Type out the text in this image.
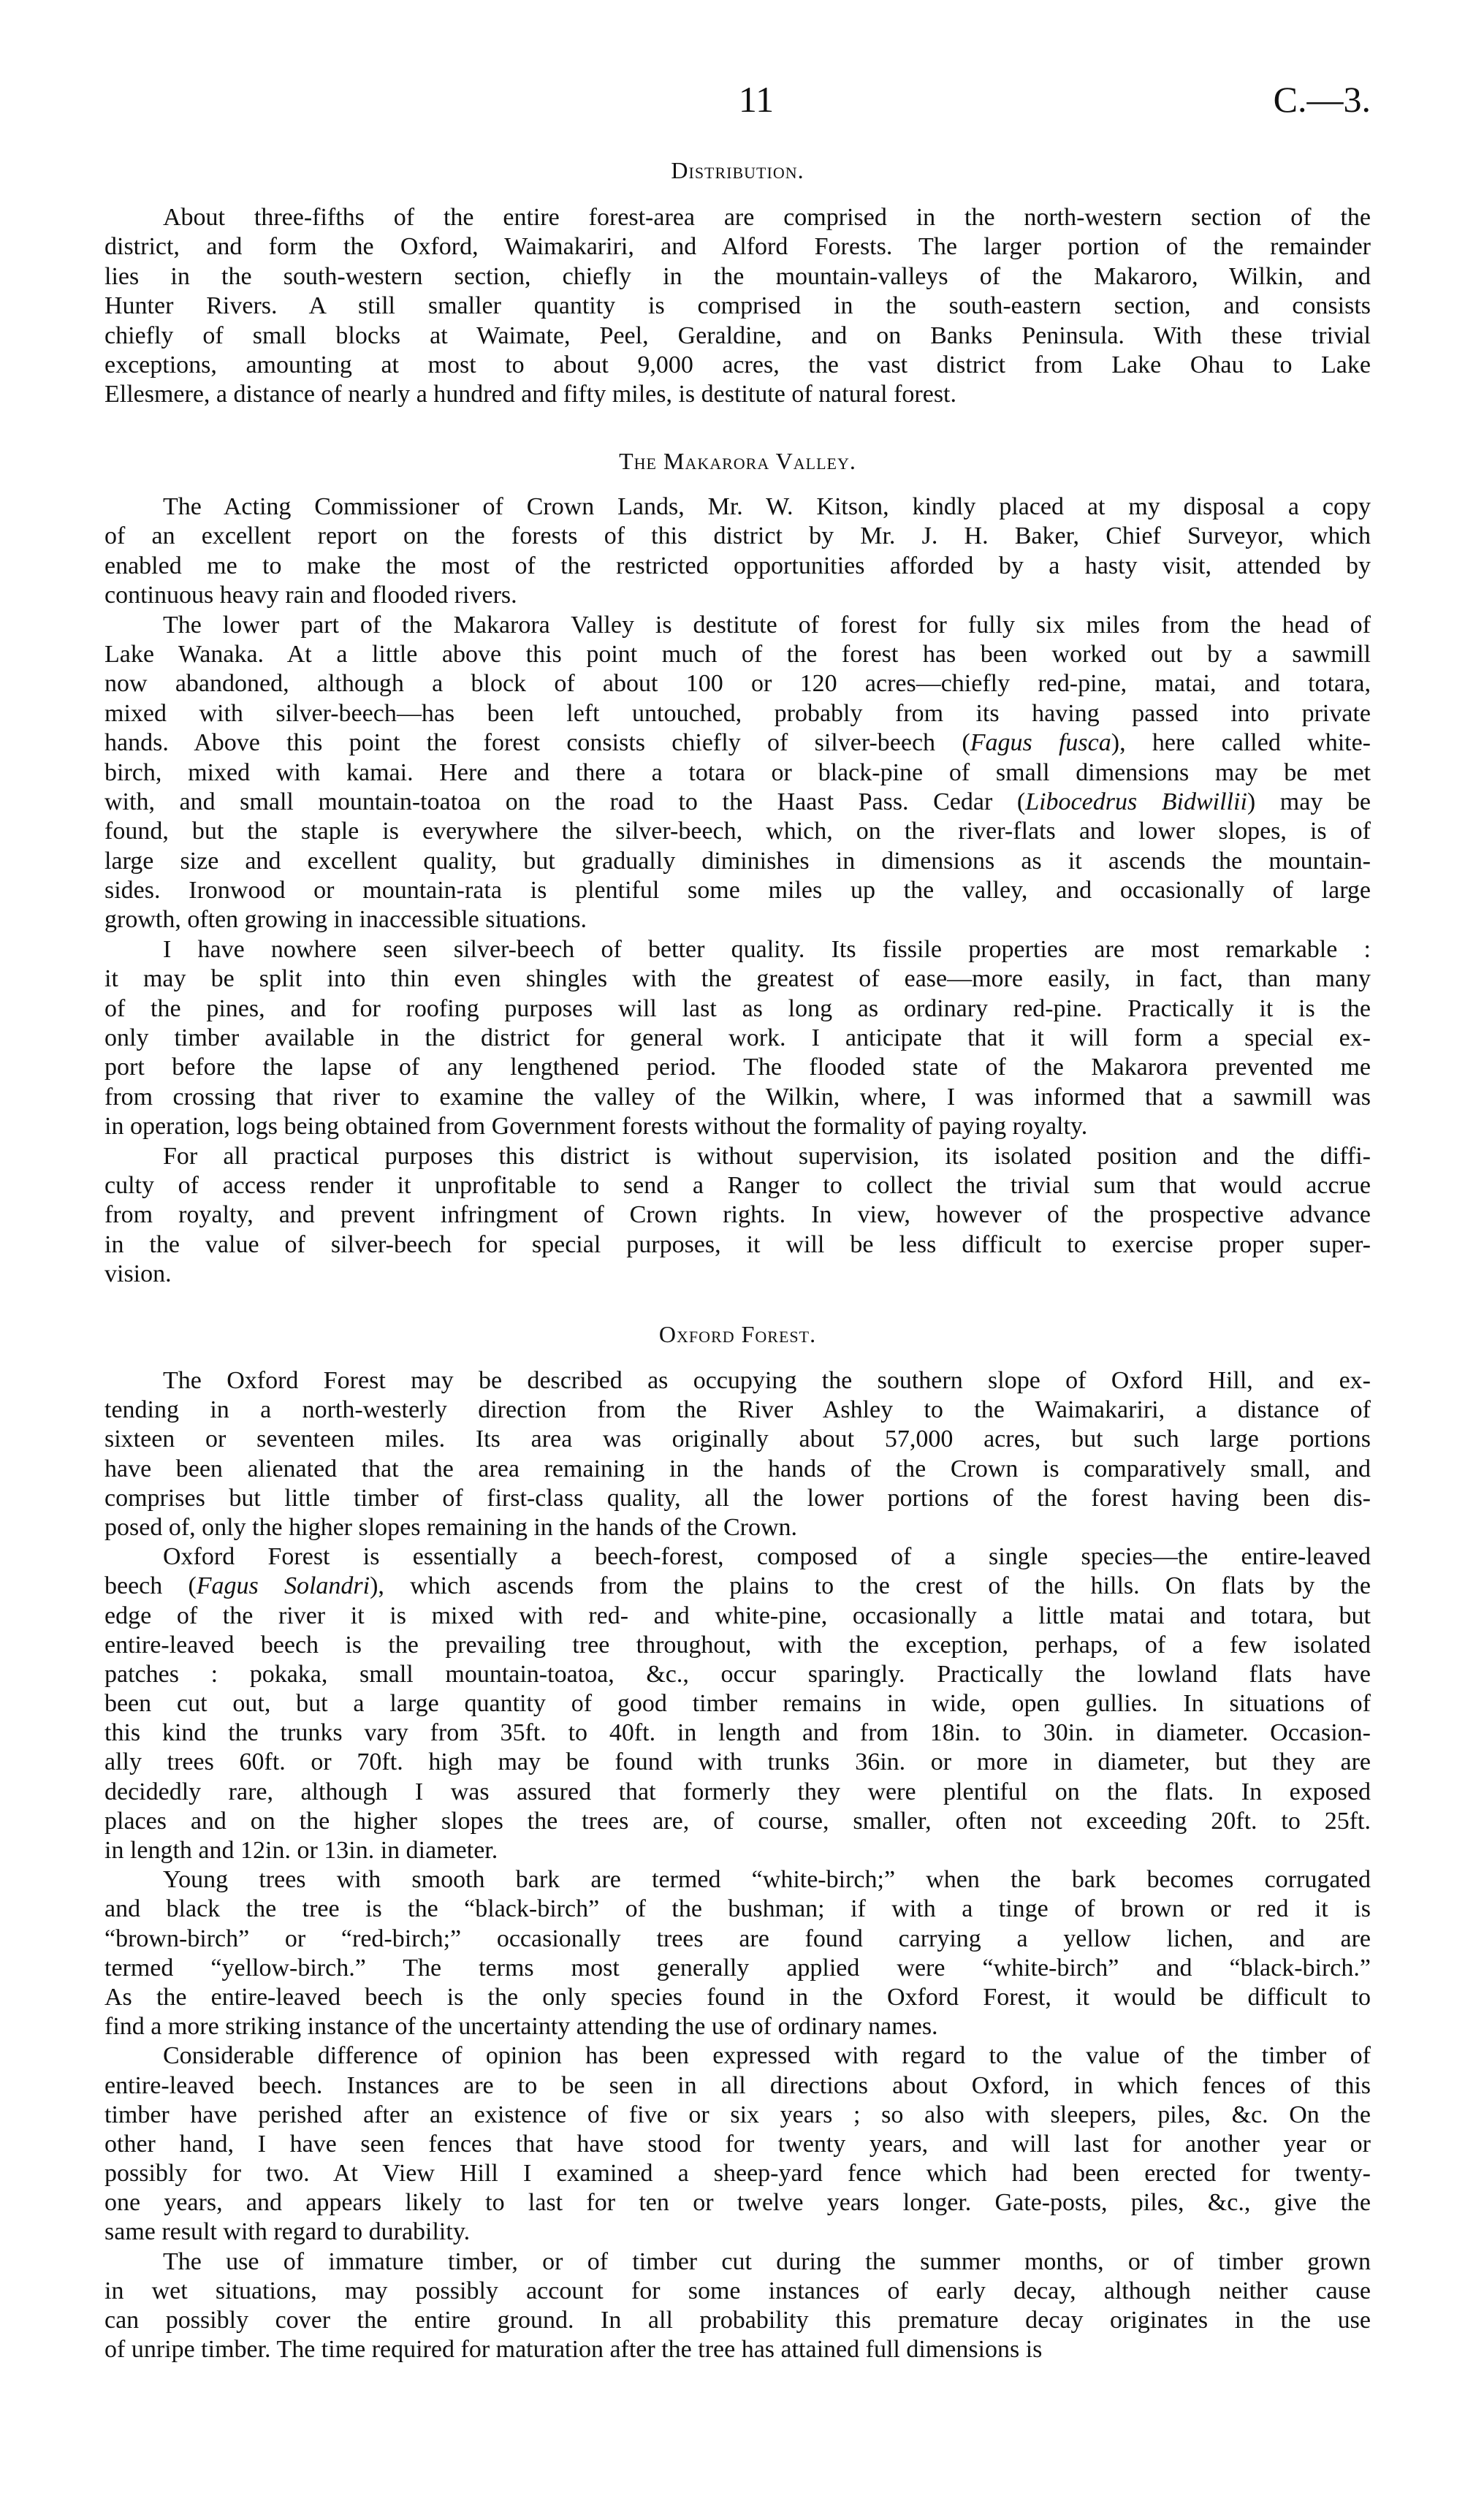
11	C.—3.
Distribution.
About three-fifths of the entire forest-area are comprised in the north-western section of the
district, and form the Oxford, Waimakariri, and Alford Forests. The larger portion of the remainder
lies in the south-western section, chiefly in the mountain-valleys of the Makaroro, Wilkin, and
Hunter Rivers. A still smaller quantity is comprised in the south-eastern section, and consists
chiefly of small blocks at Waimate, Peel, Geraldine, and on Banks Peninsula. With these trivial
exceptions, amounting at most to about 9,000 acres, the vast district from Lake Ohau to Lake
Ellesmere, a distance of nearly a hundred and fifty miles, is destitute of natural forest.
The Makarora Valley.
The Acting Commissioner of Crown Lands, Mr. W. Kitson, kindly placed at my disposal a copy
of an excellent report on the forests of this district by Mr. J. H. Baker, Chief Surveyor, which
enabled me to make the most of the restricted opportunities afforded by a hasty visit, attended by
continuous heavy rain and flooded rivers.
The lower part of the Makarora Valley is destitute of forest for fully six miles from the head of
Lake Wanaka. At a little above this point much of the forest has been worked out by a sawmill
now abandoned, although a block of about 100 or 120 acres—chiefly red-pine, matai, and totara,
mixed with silver-beech—has been left untouched, probably from its having passed into private
hands. Above this point the forest consists chiefly of silver-beech (Fagus fusca), here called white-
birch, mixed with kamai. Here and there a totara or black-pine of small dimensions may be met
with, and small mountain-toatoa on the road to the Haast Pass. Cedar (Libocedrus Bidwillii) may be
found, but the staple is everywhere the silver-beech, which, on the river-flats and lower slopes, is of
large size and excellent quality, but gradually diminishes in dimensions as it ascends the mountain-
sides. Ironwood or mountain-rata is plentiful some miles up the valley, and occasionally of large
growth, often growing in inaccessible situations.
I have nowhere seen silver-beech of better quality. Its fissile properties are most remarkable :
it may be split into thin even shingles with the greatest of ease—more easily, in fact, than many
of the pines, and for roofing purposes will last as long as ordinary red-pine. Practically it is the
only timber available in the district for general work. I anticipate that it will form a special ex-
port before the lapse of any lengthened period. The flooded state of the Makarora prevented me
from crossing that river to examine the valley of the Wilkin, where, I was informed that a sawmill was
in operation, logs being obtained from Government forests without the formality of paying royalty.
For all practical purposes this district is without supervision, its isolated position and the diffi-
culty of access render it unprofitable to send a Ranger to collect the trivial sum that would accrue
from royalty, and prevent infringment of Crown rights. In view, however of the prospective advance
in the value of silver-beech for special purposes, it will be less difficult to exercise proper super-
vision.
Oxford Forest.
The Oxford Forest may be described as occupying the southern slope of Oxford Hill, and ex-
tending in a north-westerly direction from the River Ashley to the Waimakariri, a distance of
sixteen or seventeen miles. Its area was originally about 57,000 acres, but such large portions
have been alienated that the area remaining in the hands of the Crown is comparatively small, and
comprises but little timber of first-class quality, all the lower portions of the forest having been dis-
posed of, only the higher slopes remaining in the hands of the Crown.
Oxford Forest is essentially a beech-forest, composed of a single species—the entire-leaved
beech (Fagus Solandri), which ascends from the plains to the crest of the hills. On flats by the
edge of the river it is mixed with red- and white-pine, occasionally a little matai and totara, but
entire-leaved beech is the prevailing tree throughout, with the exception, perhaps, of a few isolated
patches : pokaka, small mountain-toatoa, &c., occur sparingly. Practically the lowland flats have
been cut out, but a large quantity of good timber remains in wide, open gullies. In situations of
this kind the trunks vary from 35ft. to 40ft. in length and from 18in. to 30in. in diameter. Occasion-
ally trees 60ft. or 70ft. high may be found with trunks 36in. or more in diameter, but they are
decidedly rare, although I was assured that formerly they were plentiful on the flats. In exposed
places and on the higher slopes the trees are, of course, smaller, often not exceeding 20ft. to 25ft.
in length and 12in. or 13in. in diameter.
Young trees with smooth bark are termed “white-birch;” when the bark becomes corrugated
and black the tree is the “black-birch” of the bushman; if with a tinge of brown or red it is
“brown-birch” or “red-birch;” occasionally trees are found carrying a yellow lichen, and are
termed “yellow-birch.” The terms most generally applied were “white-birch” and “black-birch.”
As the entire-leaved beech is the only species found in the Oxford Forest, it would be difficult to
find a more striking instance of the uncertainty attending the use of ordinary names.
Considerable difference of opinion has been expressed with regard to the value of the timber of
entire-leaved beech. Instances are to be seen in all directions about Oxford, in which fences of this
timber have perished after an existence of five or six years ; so also with sleepers, piles, &c. On the
other hand, I have seen fences that have stood for twenty years, and will last for another year or
possibly for two. At View Hill I examined a sheep-yard fence which had been erected for twenty-
one years, and appears likely to last for ten or twelve years longer. Gate-posts, piles, &c., give the
same result with regard to durability.
The use of immature timber, or of timber cut during the summer months, or of timber grown
in wet situations, may possibly account for some instances of early decay, although neither cause
can possibly cover the entire ground. In all probability this premature decay originates in the use
of unripe timber. The time required for maturation after the tree has attained full dimensions is
